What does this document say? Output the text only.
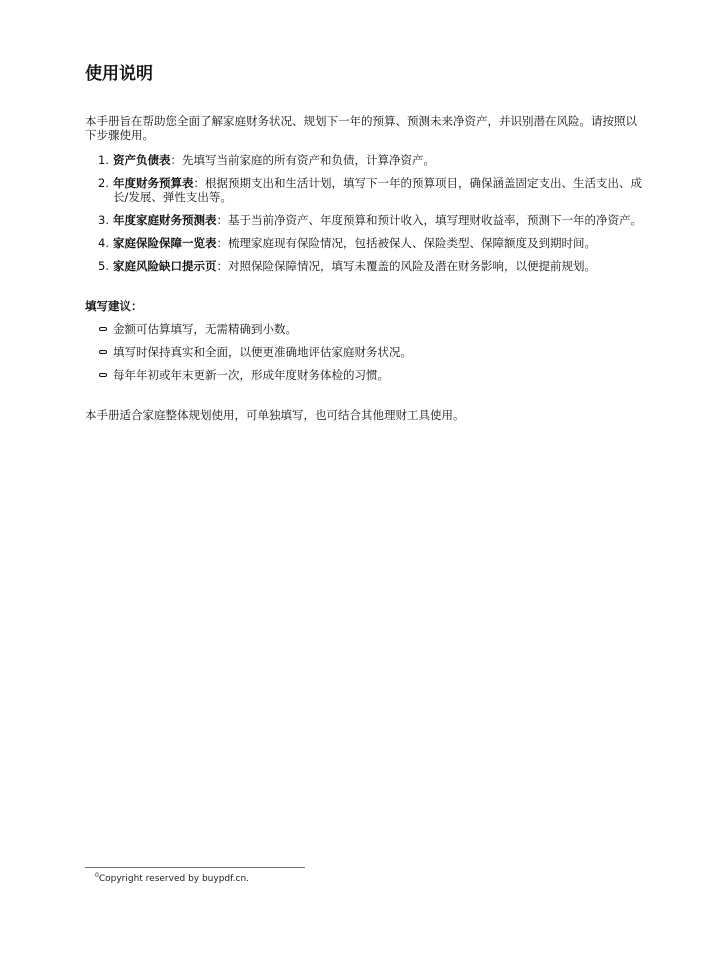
使用说明

本手册旨在帮助您全面了解家庭财务状况、规划下一年的预算、预测未来净资产，并识别潜在风险。请按照以下步骤使用。

1. 资产负债表：先填写当前家庭的所有资产和负债，计算净资产。
2. 年度财务预算表：根据预期支出和生活计划，填写下一年的预算项目，确保涵盖固定支出、生活支出、成长/发展、弹性支出等。
3. 年度家庭财务预测表：基于当前净资产、年度预算和预计收入，填写理财收益率，预测下一年的净资产。
4. 家庭保险保障一览表：梳理家庭现有保险情况，包括被保人、保险类型、保障额度及到期时间。
5. 家庭风险缺口提示页：对照保险保障情况，填写未覆盖的风险及潜在财务影响，以便提前规划。

填写建议：

金额可估算填写，无需精确到小数。
填写时保持真实和全面，以便更准确地评估家庭财务状况。
每年年初或年末更新一次，形成年度财务体检的习惯。

本手册适合家庭整体规划使用，可单独填写，也可结合其他理财工具使用。

$^0$Copyright reserved by buypdf.cn.
